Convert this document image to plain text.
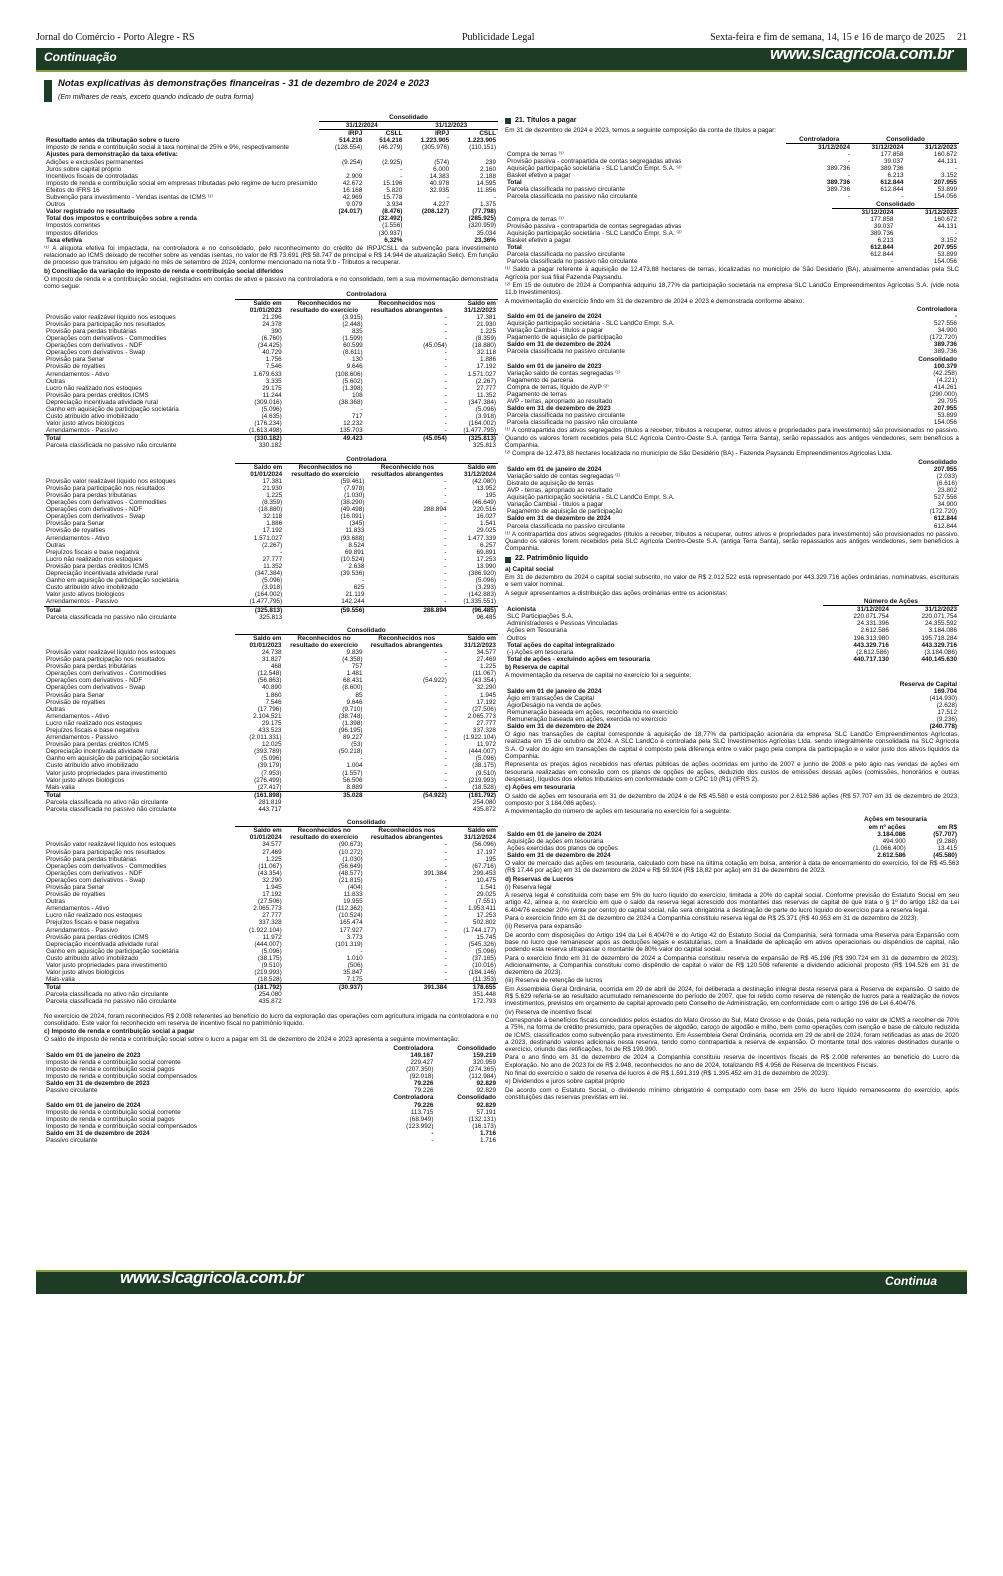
Jornal do Comércio - Porto Alegre - RS	Publicidade Legal	Sexta-feira e fim de semana, 14, 15 e 16 de março de 2025 21
Continuação	www.slcagricola.com.br
Notas explicativas às demonstrações financeiras - 31 de dezembro de 2024 e 2023
(Em milhares de reais, exceto quando indicado de outra forma)
	Consolidado			
	31/12/2024		31/12/2023	
	IRPJ	CSLL	IRPJ	CSLL
Resultado antes da tributação sobre o lucro	514.216	514.216	1.223.905	1.223.905
Imposto de renda e contribuição social à taxa nominal de 25% e 9%, respectivamente	(128.554)	(46.279)	(305.976)	(110.151)
Ajustes para demonstração da taxa efetiva:				
Adições e exclusões permanentes	(9.254)	(2.925)	(574)	239
Juros sobre capital próprio	-	-	6.000	2.160
Incentivos fiscais de controladas	2.909	-	14.383	2.188
Imposto de renda e contribuição social em empresas tributadas pelo regime de lucro presumido	42.672	15.196	40.978	14.595
Efeitos do IFRS 16	16.168	5.820	32.935	11.856
Subvenção para investimento - Vendas isentas de ICMS ⁽¹⁾	42.969	15.778	-	-
Outros	9.079	3.934	4.227	1.375
Valor registrado no resultado	(24.017)	(8.476)	(208.127)	(77.798)
Total dos impostos e contribuições sobre a renda		(32.492)		(285.925)
Impostos correntes		(1.556)		(320.959)
Impostos diferidos		(30.937)		35.034
Taxa efetiva		6,32%		23,36%

⁽¹⁾ A alíquota efetiva foi impactada, na controladora e no consolidado, pelo reconhecimento do crédito de IRPJ/CSLL da subvenção para investimento relacionado ao ICMS deixado de recolher sobre as vendas isentas, no valor de R$ 73.691 (R$ 58.747 de principal e R$ 14.944 de atualização Selic). Em função de processo que transitou em julgado no mês de setembro de 2024, conforme mencionado na nota 9.b - Tributos a recuperar.

b) Conciliação da variação do imposto de renda e contribuição social diferidos

O imposto de renda e a contribuição social, registrados em contas de ativo e passivo na controladora e no consolidado, tem a sua movimentação demonstrada como segue:

	Controladora			
	Saldo em 01/01/2023	Reconhecidos no resultado do exercício	Reconhecidos nos resultados abrangentes	Saldo em 31/12/2023
Provisão valor realizável líquido nos estoques	21.296	(3.915)	-	17.381
Provisão para participação nos resultados	24.378	(2.448)	-	21.930
Provisão para perdas tributárias	390	835	-	1.225
Operações com derivativos - Commodities	(6.760)	(1.599)	-	(8.359)
Operações com derivativos - NDF	(34.425)	60.599	(45.054)	(18.880)
Operações com derivativos - Swap	40.729	(8.611)	-	32.118
Provisão para Senar	1.756	130	-	1.886
Provisão de royalties	7.546	9.646	-	17.192
Arrendamentos - Ativo	1.679.633	(108.606)	-	1.571.027
Outras	3.335	(5.602)	-	(2.267)
Lucro não realizado nos estoques	29.175	(1.398)	-	27.777
Provisão para perdas créditos ICMS	11.244	108	-	11.352
Depreciação incentivada atividade rural	(309.016)	(38.368)	-	(347.384)
Ganho em aquisição de participação societária	(5.096)	-	-	(5.096)
Custo atribuído ativo imobilizado	(4.635)	717	-	(3.918)
Valor justo ativos biológicos	(176.234)	12.232	-	(164.002)
Arrendamentos - Passivo	(1.613.498)	135.703	-	(1.477.795)
Total	(330.182)	49.423	(45.054)	(325.813)
Parcela classificada no passivo não circulante	330.182			325.813
	Controladora			
	Saldo em 01/01/2024	Reconhecidos no resultado do exercício	Reconhecido nos resultados abrangentes	Saldo em 31/12/2024
Provisão valor realizável líquido nos estoques	17.381	(59.461)	-	(42.080)
Provisão para participação nos resultados	21.930	(7.978)	-	13.952
Provisão para perdas tributárias	1.225	(1.030)	-	195
Operações com derivativos - Commodities	(8.359)	(38.290)	-	(46.649)
Operações com derivativos - NDF	(18.880)	(49.498)	288.894	220.516
Operações com derivativos - Swap	32.118	(16.091)	-	16.027
Provisão para Senar	1.886	(345)	-	1.541
Provisão de royalties	17.192	11.833	-	29.025
Arrendamentos - Ativo	1.571.027	(93.688)	-	1.477.339
Outras	(2.267)	8.524	-	6.257
Prejuízos fiscais e base negativa	-	69.891	-	69.891
Lucro não realizado nos estoques	27.777	(10.524)	-	17.253
Provisão para perdas créditos ICMS	11.352	2.638	-	13.990
Depreciação incentivada atividade rural	(347.384)	(39.536)	-	(386.920)
Ganho em aquisição de participação societária	(5.096)	-	-	(5.096)
Custo atribuído ativo imobilizado	(3.918)	625	-	(3.293)
Valor justo ativos biológicos	(164.002)	21.119	-	(142.883)
Arrendamentos - Passivo	(1.477.795)	142.244	-	(1.335.551)
Total	(325.813)	(59.556)	288.894	(96.485)
Parcela classificada no passivo não circulante	325.813			96.485
	Consolidado			
	Saldo em 01/01/2023	Reconhecidos no resultado do exercício	Reconhecidos nos resultados abrangentes	Saldo em 31/12/2023
Provisão valor realizável líquido nos estoques	24.738	9.839	-	34.577
Provisão para participação nos resultados	31.827	(4.358)	-	27.469
Provisão para perdas tributárias	468	757	-	1.225
Operações com derivativos - Commodities	(12.548)	1.481	-	(11.067)
Operações com derivativos - NDF	(56.863)	68.431	(54.922)	(43.354)
Operações com derivativos - Swap	40.890	(8.600)	-	32.290
Provisão para Senar	1.860	85	-	1.945
Provisão de royalties	7.546	9.646	-	17.192
Outras	(17.796)	(9.710)	-	(27.506)
Arrendamentos - Ativo	2.104.521	(38.748)	-	2.065.773
Lucro não realizado nos estoques	29.175	(1.398)	-	27.777
Prejuízos fiscais e base negativa	433.523	(96.195)	-	337.328
Arrendamentos - Passivo	(2.011.331)	89.227	-	(1.922.104)
Provisão para perdas créditos ICMS	12.025	(53)	-	11.972
Depreciação incentivada atividade rural	(393.789)	(50.218)	-	(444.007)
Ganho em aquisição de participação societária	(5.096)	-	-	(5.096)
Custo atribuído ativo imobilizado	(39.179)	1.004	-	(38.175)
Valor justo propriedades para investimento	(7.953)	(1.557)	-	(9.510)
Valor justo ativos biológicos	(276.499)	56.506	-	(219.993)
Mais-valia	(27.417)	8.889	-	(18.528)
Total	(161.898)	35.028	(54.922)	(181.792)
Parcela classificada no ativo não circulante	281.819			254.080
Parcela classificada no passivo não circulante	443.717			435.872
	Consolidado			
	Saldo em 01/01/2024	Reconhecidos no resultado do exercício	Reconhecidos nos resultados abrangentes	Saldo em 31/12/2024
Provisão valor realizável líquido nos estoques	34.577	(90.673)	-	(56.096)
Provisão para participação nos resultados	27.469	(10.272)	-	17.197
Provisão para perdas tributárias	1.225	(1.030)	-	195
Operações com derivativos - Commodities	(11.067)	(56.649)	-	(67.716)
Operações com derivativos - NDF	(43.354)	(48.577)	391.384	299.453
Operações com derivativos - Swap	32.290	(21.815)	-	10.475
Provisão para Senar	1.945	(404)	-	1.541
Provisão de royalties	17.192	11.833	-	29.025
Outras	(27.506)	19.955	-	(7.551)
Arrendamentos - Ativo	2.065.773	(112.362)	-	1.953.411
Lucro não realizado nos estoques	27.777	(10.524)	-	17.253
Prejuízos fiscais e base negativa	337.328	165.474	-	502.802
Arrendamentos - Passivo	(1.922.104)	177.927	-	(1.744.177)
Provisão para perdas créditos ICMS	11.972	3.773	-	15.745
Depreciação incentivada atividade rural	(444.007)	(101.319)	-	(545.326)
Ganho em aquisição de participação societária	(5.096)	-	-	(5.096)
Custo atribuído ativo imobilizado	(38.175)	1.010	-	(37.165)
Valor justo propriedades para investimento	(9.510)	(506)	-	(10.016)
Valor justo ativos biológicos	(219.993)	35.847	-	(184.146)
Mais-valia	(18.528)	7.175	-	(11.353)
Total	(181.792)	(30.937)	391.384	178.655
Parcela classificada no ativo não circulante	254.080			351.448
Parcela classificada no passivo não circulante	435.872			172.793

No exercício de 2024, foram reconhecidos R$ 2.008 referentes ao benefício do lucro da exploração das operações com agricultura irrigada na controladora e no consolidado. Este valor foi reconhecido em reserva de incentivo fiscal no patrimônio líquido.

c) Imposto de renda e contribuição social a pagar

O saldo de imposto de renda e contribuição social sobre o lucro a pagar em 31 de dezembro de 2024 e 2023 apresenta a seguinte movimentação:

	Controladora	Consolidado
Saldo em 01 de janeiro de 2023	149.167	159.219
Imposto de renda e contribuição social corrente	229.427	320.959
Imposto de renda e contribuição social pagos	(207.350)	(274.365)
Imposto de renda e contribuição social compensados	(92.018)	(112.984)
Saldo em 31 de dezembro de 2023	79.226	92.829
Passivo circulante	79.226	92.829
	Controladora	Consolidado
Saldo em 01 de janeiro de 2024	79.226	92.829
Imposto de renda e contribuição social corrente	113.715	57.191
Imposto de renda e contribuição social pagos	(68.949)	(132.131)
Imposto de renda e contribuição social compensados	(123.992)	(16.173)
Saldo em 31 de dezembro de 2024	-	1.716
Passivo circulante	-	1.716
21. Títulos a pagar

Em 31 de dezembro de 2024 e 2023, temos a seguinte composição da conta de títulos a pagar:

	Controladora	Consolidado	
	31/12/2024	31/12/2024	31/12/2023
Compra de terras ⁽¹⁾	-	177.858	160.672
Provisão passiva - contrapartida de contas segregadas ativas	-	39.037	44.131
Aquisição participação societária - SLC LandCo Empr. S.A. ⁽²⁾	389.736	389.736	-
Basket efetivo a pagar	-	6.213	3.152
Total	389.736	612.844	207.955
Parcela classificada no passivo circulante	389.736	612.844	53.899
Parcela classificada no passivo não circulante	-	-	154.056
	Consolidado	
	31/12/2024	31/12/2023
Compra de terras ⁽¹⁾	177.858	160.672
Provisão passiva - contrapartida de contas segregadas ativas	39.037	44.131
Aquisição participação societária - SLC LandCo Empr. S.A. ⁽²⁾	389.736	-
Basket efetivo a pagar	6.213	3.152
Total	612.844	207.955
Parcela classificada no passivo circulante	612.844	53.899
Parcela classificada no passivo não circulante	-	154.056

⁽¹⁾ Saldo a pagar referente à aquisição de 12.473,88 hectares de terras, localizadas no município de São Desidério (BA), atualmente arrendadas pela SLC Agrícola por sua filial Fazenda Paysandu.

⁽²⁾ Em 15 de outubro de 2024 a Companhia adquiriu 18,77% da participação societária na empresa SLC LandCo Empreendimentos Agrícolas S.A. (vide nota 11.b Investimentos).

A movimentação do exercício findo em 31 de dezembro de 2024 e 2023 é demonstrada conforme abaixo:

	Controladora
Saldo em 01 de janeiro de 2024	-
Aquisição participação societária - SLC LandCo Empr. S.A.	527.556
Variação Cambial - títulos a pagar	34.900
Pagamento de aquisição de participação	(172.720)
Saldo em 31 de dezembro de 2024	389.736
Parcela classificada no passivo circulante	389.736
	Consolidado
Saldo em 01 de janeiro de 2023	100.379
Variação saldo de contas segregadas ⁽¹⁾	(42.258)
Pagamento de parceria	(4.221)
Compra de terras, líquido de AVP ⁽²⁾	414.261
Pagamento de terras	(290.000)
AVP - terras, apropriado ao resultado	29.795
Saldo em 31 de dezembro de 2023	207.955
Parcela classificada no passivo circulante	53.899
Parcela classificada no passivo não circulante	154.056

⁽¹⁾ A contrapartida dos ativos segregados (títulos a receber, tributos a recuperar, outros ativos e propriedades para investimento) são provisionados no passivo. Quando os valores forem recebidos pela SLC Agrícola Centro-Oeste S.A. (antiga Terra Santa), serão repassados aos antigos vendedores, sem benefícios à Companhia.

⁽²⁾ Compra de 12.473,88 hectares localizada no município de São Desidério (BA) - Fazenda Paysandu Empreendimentos Agrícolas Ltda.

	Consolidado
Saldo em 01 de janeiro de 2024	207.955
Variação saldo de contas segregadas ⁽¹⁾	(2.033)
Distrato de aquisição de terras	(6.616)
AVP - terras, apropriado ao resultado	23.802
Aquisição participação societária - SLC LandCo Empr. S.A.	527.556
Variação Cambial - títulos a pagar	34.900
Pagamento de aquisição de participação	(172.720)
Saldo em 31 de dezembro de 2024	612.844
Parcela classificada no passivo circulante	612.844

⁽¹⁾ A contrapartida dos ativos segregados (títulos a receber, tributos a recuperar, outros ativos e propriedades para investimento) são provisionados no passivo. Quando os valores forem recebidos pela SLC Agrícola Centro-Oeste S.A. (antiga Terra Santa), serão repassados aos antigos vendedores, sem benefícios à Companhia.

22. Patrimônio líquido

a) Capital social

Em 31 de dezembro de 2024 o capital social subscrito, no valor de R$ 2.012.522 está representado por 443.329.716 ações ordinárias, nominativas, escriturais e sem valor nominal.

A seguir apresentamos a distribuição das ações ordinárias entre os acionistas:

	Número de Ações	
Acionista	31/12/2024	31/12/2023
SLC Participações S.A.	220.071.754	220.071.754
Administradores e Pessoas Vinculadas	24.331.396	24.355.592
Ações em Tesouraria	2.612.586	3.184.086
Outros	196.313.980	195.718.284
Total ações do capital integralizado	443.329.716	443.329.716
(-) Ações em tesouraria	(2.612.586)	(3.184.086)
Total de ações - excluindo ações em tesouraria	440.717.130	440.145.630

b) Reserva de capital

A movimentação da reserva de capital no exercício foi a seguinte:

	Reserva de Capital
Saldo em 01 de janeiro de 2024	169.704
Ágio em transações de Capital	(414.930)
Ágio/Deságio na venda de ações	(2.628)
Remuneração baseada em ações, reconhecida no exercício	17.512
Remuneração baseada em ações, exercida no exercício	(9.236)
Saldo em 31 de dezembro de 2024	(240.778)

O ágio nas transações de capital corresponde à aquisição de 18,77% da participação acionária da empresa SLC LandCo Empreendimentos Agrícolas, realizada em 15 de outubro de 2024. A SLC LandCo é controlada pela SLC Investimentos Agrícolas Ltda. sendo integralmente consolidada na SLC Agrícola S.A. O valor do ágio em transações de capital é composto pela diferença entre o valor pago pela compra da participação e o valor justo dos ativos líquidos da Companhia.

Representa os preços ágios recebidos nas ofertas públicas de ações ocorridas em junho de 2007 e junho de 2008 e pelo ágio nas vendas de ações em tesouraria realizadas em conexão com os planos de opções de ações, deduzido dos custos de emissões dessas ações (comissões, honorários e outras despesas), líquidos dos efeitos tributários em conformidade com o CPC 10 (R1) (IFRS 2).

c) Ações em tesouraria

O saldo de ações em tesouraria em 31 de dezembro de 2024 é de R$ 45.580 e está composto por 2.612.586 ações (R$ 57.707 em 31 de dezembro de 2023, composto por 3.184.086 ações).

A movimentação do número de ações em tesouraria no exercício foi a seguinte:

	Ações em tesouraria	
	em nº ações	em R$
Saldo em 01 de janeiro de 2024	3.184.086	(57.707)
Aquisição de ações em tesouraria	494.900	(9.288)
Ações exercidas dos planos de opções	(1.066.400)	13.415
Saldo em 31 de dezembro de 2024	2.612.586	(45.580)

O valor de mercado das ações em tesouraria, calculado com base na última cotação em bolsa, anterior à data de encerramento do exercício, foi de R$ 45.563 (R$ 17,44 por ação) em 31 de dezembro de 2024 e R$ 59.924 (R$ 18,82 por ação) em 31 de dezembro de 2023.

d) Reservas de Lucros

(i) Reserva legal

A reserva legal é constituída com base em 5% do lucro líquido do exercício, limitada a 20% do capital social. Conforme previsão do Estatuto Social em seu artigo 42, alínea a, no exercício em que o saldo da reserva legal acrescido dos montantes das reservas de capital de que trata o § 1º do artigo 182 da Lei 6.404/76 exceder 20% (vinte por cento) do capital social, não será obrigatória a destinação de parte do lucro líquido do exercício para a reserva legal.

Para o exercício findo em 31 de dezembro de 2024 a Companhia constituiu reserva legal de R$ 25.371 (R$ 40.953 em 31 de dezembro de 2023).

(ii) Reserva para expansão

De acordo com disposições do Artigo 194 da Lei 6.404/76 e do Artigo 42 do Estatuto Social da Companhia, será formada uma Reserva para Expansão com base no lucro que remanescer após as deduções legais e estatutárias, com a finalidade de aplicação em ativos operacionais ou dispêndios de capital, não podendo esta reserva ultrapassar o montante de 80% valor do capital social.

Para o exercício findo em 31 de dezembro de 2024 a Companhia constituiu reserva de expansão de R$ 45.196 (R$ 390.724 em 31 de dezembro de 2023). Adicionalmente, a Companhia constituiu como dispêndio de capital o valor de R$ 120.508 referente a dividendo adicional proposto (R$ 194.526 em 31 de dezembro de 2023).

(iii) Reserva de retenção de lucros

Em Assembleia Geral Ordinária, ocorrida em 29 de abril de 2024, foi deliberada a destinação integral desta reserva para a Reserva de expansão. O saldo de R$ 5.629 referia-se ao resultado acumulado remanescente do período de 2007, que foi retido como reserva de retenção de lucros para a realização de novos investimentos, previstos em orçamento de capital aprovado pelo Conselho de Administração, em conformidade com o artigo 196 de Lei 6.404/76.

(iv) Reserva de incentivo fiscal

Corresponde à benefícios fiscais concedidos pelos estados do Mato Grosso do Sul, Mato Grosso e de Goiás, pela redução no valor de ICMS a recolher de 70% a 75%, na forma de crédito presumido, para operações de algodão, caroço de algodão e milho, bem como operações com isenção e base de cálculo reduzida de ICMS, classificados como subvenção para investimento. Em Assembleia Geral Ordinária, ocorrida em 29 de abril de 2024, foram retificadas as atas de 2020 a 2023, destinando valores adicionais nesta reserva, tendo como contrapartida a reserva de expansão. O montante total dos valores destinados durante o exercício, oriundo das retificações, foi de R$ 199.990.

Para o ano findo em 31 de dezembro de 2024 a Companhia constituiu reserva de incentivos fiscais de R$ 2.008 referentes ao benefício do Lucro da Exploração. No ano de 2023 foi de R$ 2.948, reconhecidos no ano de 2024, totalizando R$ 4.956 de Reserva de Incentivos Fiscais.

No final do exercício o saldo de reserva de lucros é de R$ 1.591.319 (R$ 1.395.452 em 31 de dezembro de 2023).

e) Dividendos e juros sobre capital próprio

De acordo com o Estatuto Social, o dividendo mínimo obrigatório é computado com base em 25% do lucro líquido remanescente do exercício, após constituições das reservas previstas em lei.

www.slcagricola.com.br	Continua
